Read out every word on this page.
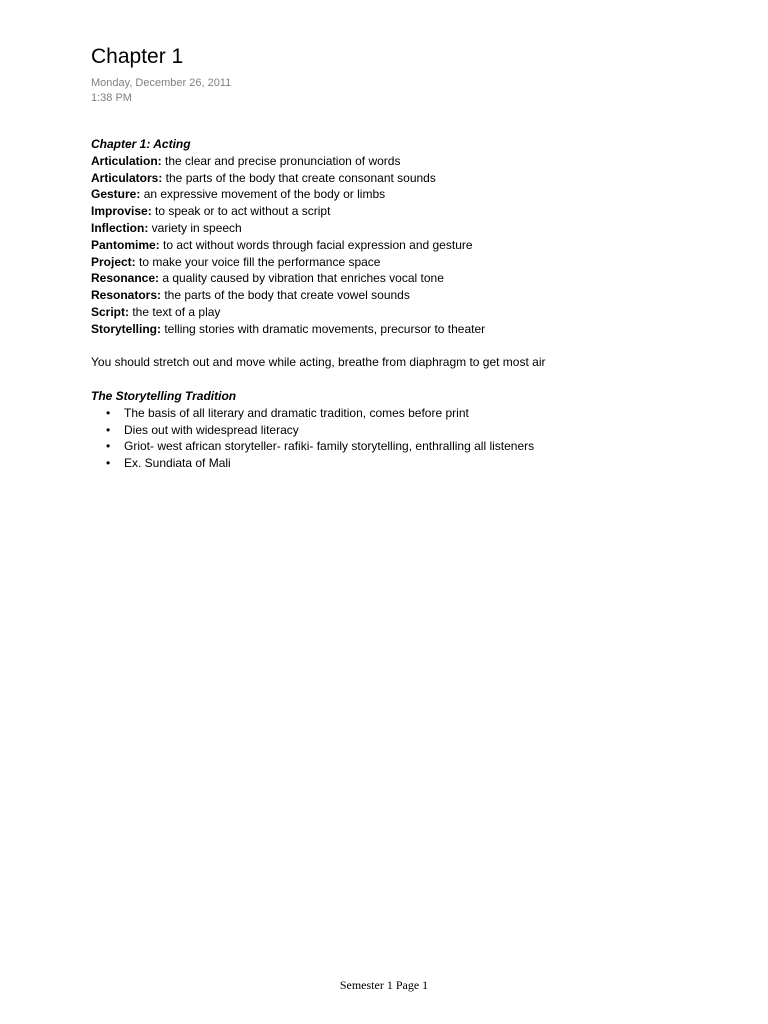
Chapter 1
Monday, December 26, 2011
1:38 PM
Chapter 1: Acting
Articulation: the clear and precise pronunciation of words
Articulators: the parts of the body that create consonant sounds
Gesture: an expressive movement of the body or limbs
Improvise: to speak or to act without a script
Inflection: variety in speech
Pantomime: to act without words through facial expression and gesture
Project: to make your voice fill the performance space
Resonance: a quality caused by vibration that enriches vocal tone
Resonators: the parts of the body that create vowel sounds
Script: the text of a play
Storytelling: telling stories with dramatic movements, precursor to theater
You should stretch out and move while acting, breathe from diaphragm to get most air
The Storytelling Tradition
• The basis of all literary and dramatic tradition, comes before print
• Dies out with widespread literacy
• Griot- west african storyteller- rafiki- family storytelling, enthralling all listeners
• Ex. Sundiata of Mali
Semester 1 Page 1
